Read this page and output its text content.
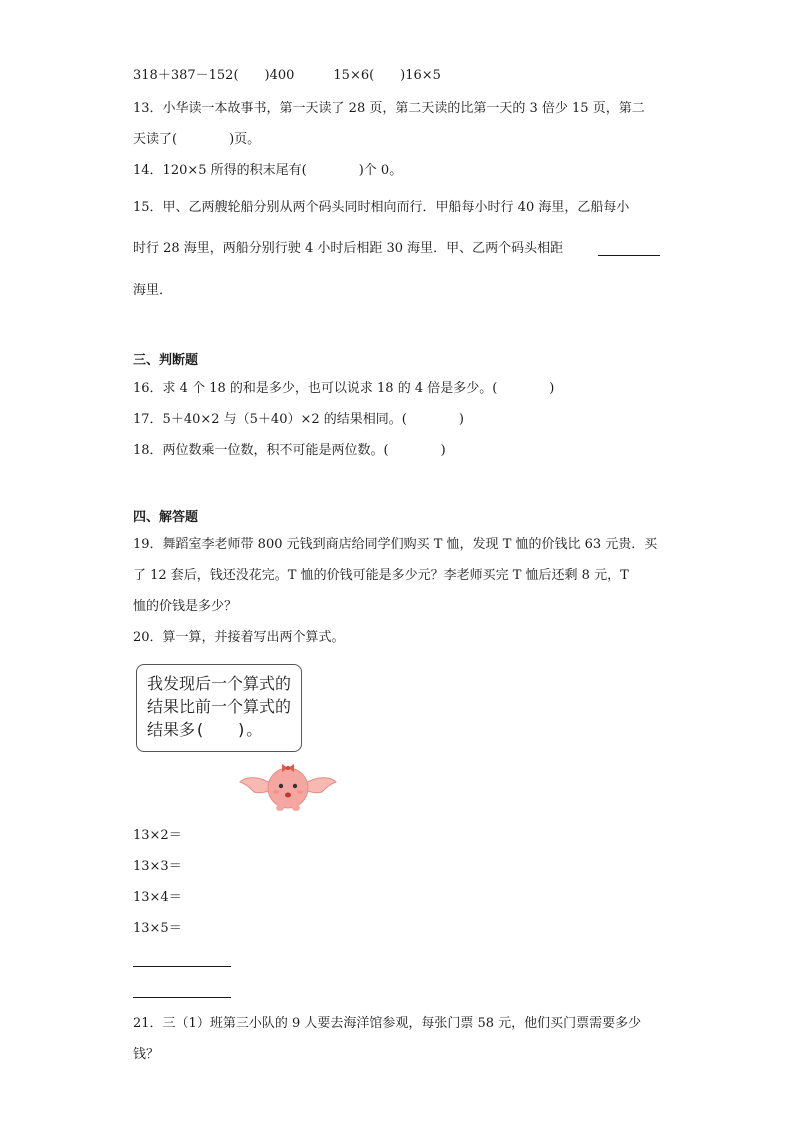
318＋387－152(　　)400　　　15×6(　　)16×5
13．小华读一本故事书，第一天读了 28 页，第二天读的比第一天的 3 倍少 15 页，第二
天读了(　　　　)页。
14．120×5 所得的积末尾有(　　　　)个 0。
15．甲、乙两艘轮船分别从两个码头同时相向而行．甲船每小时行 40 海里，乙船每小
时行 28 海里，两船分别行驶 4 小时后相距 30 海里．甲、乙两个码头相距
海里．
三、判断题
16．求 4 个 18 的和是多少，也可以说求 18 的 4 倍是多少。(　　　　)
17．5＋40×2 与（5＋40）×2 的结果相同。(　　　　)
18．两位数乘一位数，积不可能是两位数。(　　　　)
四、解答题
19．舞蹈室李老师带 800 元钱到商店给同学们购买 T 恤，发现 T 恤的价钱比 63 元贵．买
了 12 套后，钱还没花完。T 恤的价钱可能是多少元？李老师买完 T 恤后还剩 8 元，T
恤的价钱是多少？
20．算一算，并接着写出两个算式。
我发现后一个算式的
结果比前一个算式的
结果多(　　)。
13×2＝
13×3＝
13×4＝
13×5＝
21．三（1）班第三小队的 9 人要去海洋馆参观，每张门票 58 元，他们买门票需要多少
钱？
